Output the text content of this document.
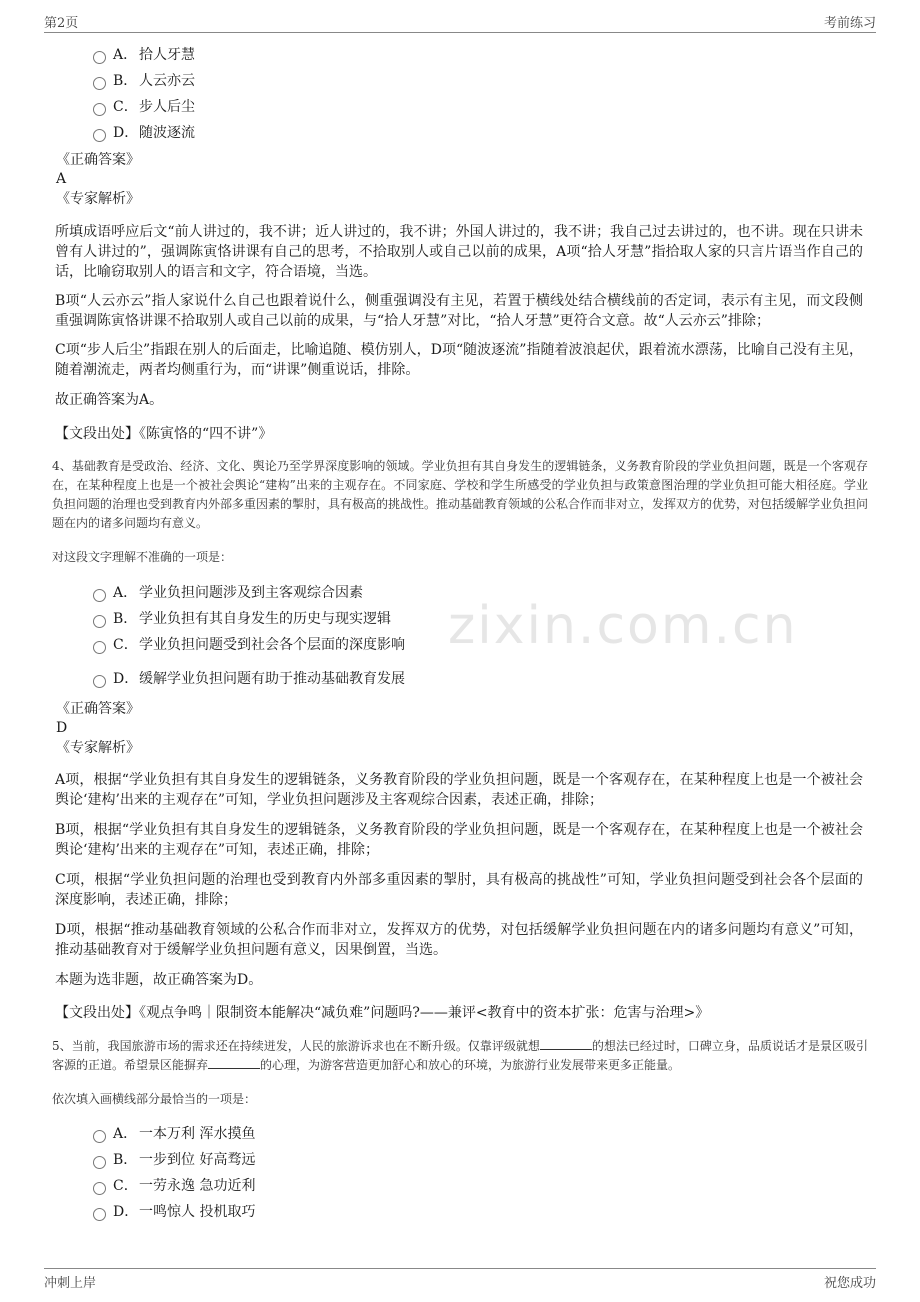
第2页	考前练习
zixin.com.cn
A． 拾人牙慧
B． 人云亦云
C． 步人后尘
D． 随波逐流
《正确答案》
A
《专家解析》
所填成语呼应后文“前人讲过的，我不讲；近人讲过的，我不讲；外国人讲过的，我不讲；我自己过去讲过的，也不讲。现在只讲未曾有人讲过的”，强调陈寅恪讲课有自己的思考，不拾取别人或自己以前的成果，A项“拾人牙慧”指拾取人家的只言片语当作自己的话，比喻窃取别人的语言和文字，符合语境，当选。
B项“人云亦云”指人家说什么自己也跟着说什么，侧重强调没有主见，若置于横线处结合横线前的否定词，表示有主见，而文段侧重强调陈寅恪讲课不拾取别人或自己以前的成果，与“拾人牙慧”对比，“拾人牙慧”更符合文意。故“人云亦云”排除；
C项“步人后尘”指跟在别人的后面走，比喻追随、模仿别人，D项“随波逐流”指随着波浪起伏，跟着流水漂荡，比喻自己没有主见，随着潮流走，两者均侧重行为，而“讲课”侧重说话，排除。
故正确答案为A。
【文段出处】《陈寅恪的“四不讲”》
4、基础教育是受政治、经济、文化、舆论乃至学界深度影响的领域。学业负担有其自身发生的逻辑链条，义务教育阶段的学业负担问题，既是一个客观存在，在某种程度上也是一个被社会舆论“建构”出来的主观存在。不同家庭、学校和学生所感受的学业负担与政策意图治理的学业负担可能大相径庭。学业负担问题的治理也受到教育内外部多重因素的掣肘，具有极高的挑战性。推动基础教育领域的公私合作而非对立，发挥双方的优势，对包括缓解学业负担问题在内的诸多问题均有意义。
对这段文字理解不准确的一项是：
A． 学业负担问题涉及到主客观综合因素
B． 学业负担有其自身发生的历史与现实逻辑
C． 学业负担问题受到社会各个层面的深度影响
D． 缓解学业负担问题有助于推动基础教育发展
《正确答案》
D
《专家解析》
A项，根据“学业负担有其自身发生的逻辑链条，义务教育阶段的学业负担问题，既是一个客观存在，在某种程度上也是一个被社会舆论‘建构’出来的主观存在”可知，学业负担问题涉及主客观综合因素，表述正确，排除；
B项，根据“学业负担有其自身发生的逻辑链条，义务教育阶段的学业负担问题，既是一个客观存在，在某种程度上也是一个被社会舆论‘建构’出来的主观存在”可知，表述正确，排除；
C项，根据“学业负担问题的治理也受到教育内外部多重因素的掣肘，具有极高的挑战性”可知，学业负担问题受到社会各个层面的深度影响，表述正确，排除；
D项，根据“推动基础教育领域的公私合作而非对立，发挥双方的优势，对包括缓解学业负担问题在内的诸多问题均有意义”可知，推动基础教育对于缓解学业负担问题有意义，因果倒置，当选。
本题为选非题，故正确答案为D。
【文段出处】《观点争鸣｜限制资本能解决“减负难”问题吗?——兼评<教育中的资本扩张：危害与治理>》
5、当前，我国旅游市场的需求还在持续迸发，人民的旅游诉求也在不断升级。仅靠评级就想	的想法已经过时，口碑立身，品质说话才是景区吸引客源的正道。希望景区能摒弃	的心理，为游客营造更加舒心和放心的环境，为旅游行业发展带来更多正能量。
依次填入画横线部分最恰当的一项是：
A． 一本万利 浑水摸鱼
B． 一步到位 好高骛远
C． 一劳永逸 急功近利
D． 一鸣惊人 投机取巧
冲刺上岸	祝您成功
